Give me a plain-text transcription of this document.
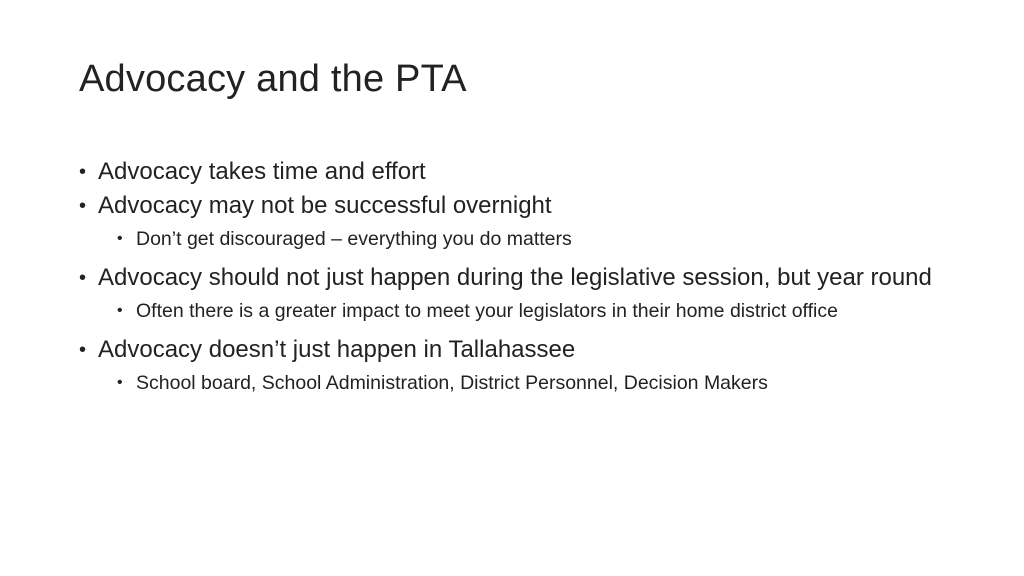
Advocacy and the PTA
• Advocacy takes time and effort
• Advocacy may not be successful overnight
• Don’t get discouraged – everything you do matters
• Advocacy should not just happen during the legislative session, but year round
• Often there is a greater impact to meet your legislators in their home district office
• Advocacy doesn’t just happen in Tallahassee
• School board, School Administration, District Personnel, Decision Makers
